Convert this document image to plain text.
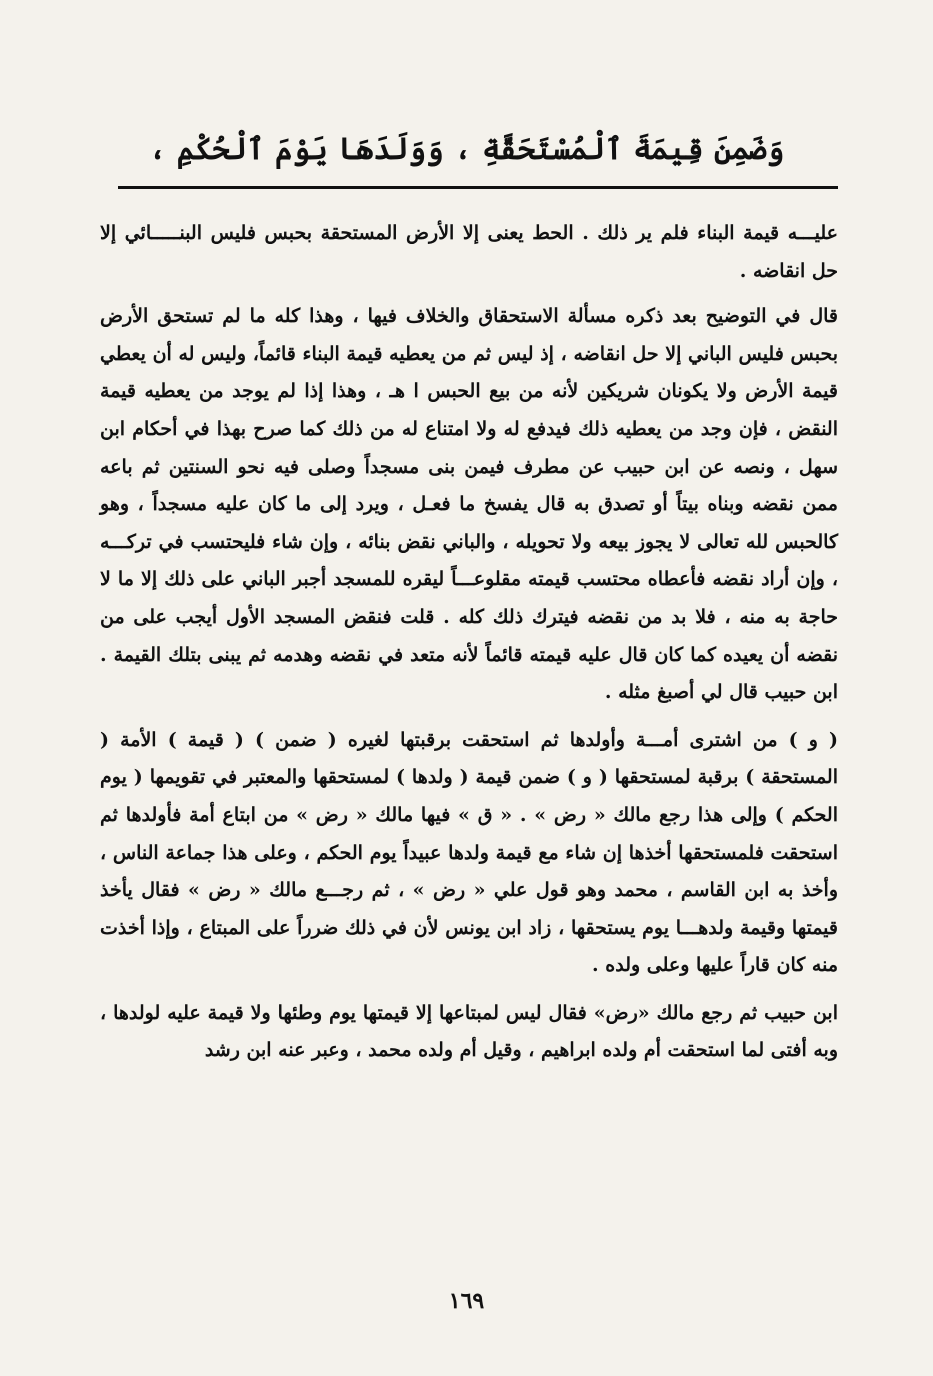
وَضَمِنَ قِيمَةَ ٱلْمُسْتَحَقَّةِ ، وَوَلَدَهَا يَوْمَ ٱلْحُكْمِ ،

عليـــه قيمة البناء فلم ير ذلك . الحط يعنى إلا الأرض المستحقة بحبس فليس البنـــــائي إلا حل انقاضه .

قال في التوضيح بعد ذكره مسألة الاستحقاق والخلاف فيها ، وهذا كله ما لم تستحق الأرض بحبس فليس الباني إلا حل انقاضه ، إذ ليس ثم من يعطيه قيمة البناء قائماً، وليس له أن يعطي قيمة الأرض ولا يكونان شريكين لأنه من بيع الحبس ا هـ ، وهذا إذا لم يوجد من يعطيه قيمة النقض ، فإن وجد من يعطيه ذلك فيدفع له ولا امتناع له من ذلك كما صرح بهذا في أحكام ابن سهل ، ونصه عن ابن حبيب عن مطرف فيمن بنى مسجداً وصلى فيه نحو السنتين ثم باعه ممن نقضه وبناه بيتاً أو تصدق به قال يفسخ ما فعـل ، ويرد إلى ما كان عليه مسجداً ، وهو كالحبس لله تعالى لا يجوز بيعه ولا تحويله ، والباني نقض بنائه ، وإن شاء فليحتسب في تركـــه ، وإن أراد نقضه فأعطاه محتسب قيمته مقلوعـــاً ليقره للمسجد أجبر الباني على ذلك إلا ما لا حاجة به منه ، فلا بد من نقضه فيترك ذلك كله . قلت فنقض المسجد الأول أيجب على من نقضه أن يعيده كما كان قال عليه قيمته قائماً لأنه متعد في نقضه وهدمه ثم يبنى بتلك القيمة . ابن حبيب قال لي أصبغ مثله .

( و ) من اشترى أمـــة وأولدها ثم استحقت برقبتها لغيره ( ضمن ) ( قيمة ) الأمة ( المستحقة ) برقبة لمستحقها ( و ) ضمن قيمة ( ولدها ) لمستحقها والمعتبر في تقويمها ( يوم الحكم ) وإلى هذا رجع مالك « رض » . « ق » فيها مالك « رض » من ابتاع أمة فأولدها ثم استحقت فلمستحقها أخذها إن شاء مع قيمة ولدها عبيداً يوم الحكم ، وعلى هذا جماعة الناس ، وأخذ به ابن القاسم ، محمد وهو قول علي « رض » ، ثم رجـــع مالك « رض » فقال يأخذ قيمتها وقيمة ولدهـــا يوم يستحقها ، زاد ابن يونس لأن في ذلك ضرراً على المبتاع ، وإذا أخذت منه كان قاراً عليها وعلى ولده .

ابن حبيب ثم رجع مالك «رض» فقال ليس لمبتاعها إلا قيمتها يوم وطئها ولا قيمة عليه لولدها ، وبه أفتى لما استحقت أم ولده ابراهيم ، وقيل أم ولده محمد ، وعبر عنه ابن رشد

١٦٩
